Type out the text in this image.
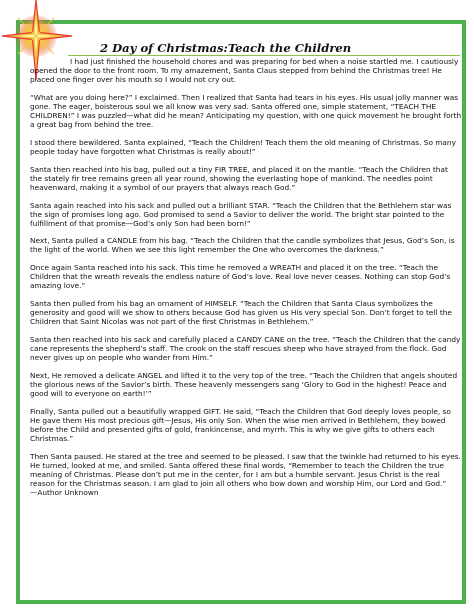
2 Day of Christmas:Teach the Children

I had just finished the household chores and was preparing for bed when a noise startled me. I cautiously opened the door to the front room. To my amazement, Santa Claus stepped from behind the Christmas tree! He placed one finger over his mouth so I would not cry out.

“What are you doing here?” I exclaimed. Then I realized that Santa had tears in his eyes. His usual jolly manner was gone. The eager, boisterous soul we all know was very sad. Santa offered one, simple statement, “TEACH THE CHILDREN!” I was puzzled—what did he mean? Anticipating my question, with one quick movement he brought forth a great bag from behind the tree.

I stood there bewildered. Santa explained, “Teach the Children! Teach them the old meaning of Christmas. So many people today have forgotten what Christmas is really about!”

Santa then reached into his bag, pulled out a tiny FIR TREE, and placed it on the mantle. “Teach the Children that the stately fir tree remains green all year round, showing the everlasting hope of mankind. The needles point heavenward, making it a symbol of our prayers that always reach God.”

Santa again reached into his sack and pulled out a brilliant STAR. “Teach the Children that the Bethlehem star was the sign of promises long ago. God promised to send a Savior to deliver the world. The bright star pointed to the fulfillment of that promise—God’s only Son had been born!”

Next, Santa pulled a CANDLE from his bag. “Teach the Children that the candle symbolizes that Jesus, God’s Son, is the light of the world. When we see this light remember the One who overcomes the darkness.”

Once again Santa reached into his sack. This time he removed a WREATH and placed it on the tree. “Teach the Children that the wreath reveals the endless nature of God’s love. Real love never ceases. Nothing can stop God’s amazing love.”

Santa then pulled from his bag an ornament of HIMSELF. “Teach the Children that Santa Claus symbolizes the generosity and good will we show to others because God has given us His very special Son. Don’t forget to tell the Children that Saint Nicolas was not part of the first Christmas in Bethlehem.”

Santa then reached into his sack and carefully placed a CANDY CANE on the tree. “Teach the Children that the candy cane represents the shepherd’s staff. The crook on the staff rescues sheep who have strayed from the flock. God never gives up on people who wander from Him.”

Next, He removed a delicate ANGEL and lifted it to the very top of the tree. “Teach the Children that angels shouted the glorious news of the Savior’s birth. These heavenly messengers sang ‘Glory to God in the highest! Peace and good will to everyone on earth!’”

Finally, Santa pulled out a beautifully wrapped GIFT. He said, “Teach the Children that God deeply loves people, so He gave them His most precious gift—Jesus, His only Son. When the wise men arrived in Bethlehem, they bowed before the Child and presented gifts of gold, frankincense, and myrrh. This is why we give gifts to others each Christmas.”

Then Santa paused. He stared at the tree and seemed to be pleased. I saw that the twinkle had returned to his eyes. He turned, looked at me, and smiled. Santa offered these final words, “Remember to teach the Children the true meaning of Christmas. Please don’t put me in the center, for I am but a humble servant. Jesus Christ is the real reason for the Christmas season. I am glad to join all others who bow down and worship Him, our Lord and God.”

—Author Unknown
